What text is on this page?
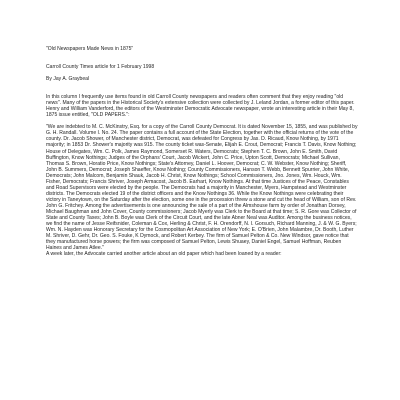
"Old Newspapers Made News in 1875"

Carroll County Times article for 1 February 1998

By Jay A. Graybeal

In this column I frequently use items found in old Carroll County newspapers and readers often comment that they enjoy reading "old news". Many of the papers in the Historical Society's extensive collection were collected by J. Leland Jordan, a former editor of this paper. Henry and William Vanderford, the editors of the Westminster Democratic Advocate newspaper, wrote an interesting article in their May 8, 1875 issue entitled, "OLD PAPERS.":

"We are indebted to M. C. McKinstry, Esq. for a copy of the Carroll County Democrat. It is dated November 15, 1855, and was published by G. H. Randall. Volume I. No. 24. The paper contains a full account of the State Election, together with the official returns of the vote of the county. Dr. Jacob Shower, of Manchester district, Democrat, was defeated for Congress by Jas. D. Ricaud, Know Nothing, by 1971 majority; in 1853 Dr. Shower's majority was 915. The county ticket was-Senate, Elijah E. Crout, Democrat; Francis T. Davis, Know Nothing; House of Delegates, Wm. C. Polk, James Raymond, Somerset R. Waters, Democrats; Stephen T. C. Brown, John E. Smith, David Buffington, Know Nothings; Judges of the Orphans' Court, Jacob Wickert, John C. Price, Upton Scott, Democrats; Michael Sullivan, Thomas S. Brown, Horatio Price, Know Nothings; State's Attorney, Daniel L. Hoover, Democrat; C. W. Webster, Know Nothing; Sheriff, John B. Summers, Democrat; Joseph Shaeffer, Know Nothing; County Commissioners, Hanson T. Webb, Bennett Spurrier, John White, Democrats; John Malcom, Benjamin Shauk, Jacob H. Christ, Know Nothings; School Commissioners, Jno. Jones, Wm. Houck, Wm. Fisher, Democrats; Francis Shriver, Joseph Armacost, Jacob B. Earhart, Know Nothings. At that time Justices of the Peace, Constables and Road Supervisors were elected by the people. The Democrats had a majority in Manchester, Myers, Hampstead and Westminster districts. The Democrats elected 19 of the district officers and the Know Nothings 36. While the Know Nothings were celebrating their victory in Taneytown, on the Saturday after the election, some one in the procession threw a stone and cut the head of William, son of Rev. John G. Fritchey. Among the advertisements is one announcing the sale of a part of the Almshouse farm by order of Jonathan Dorsey, Michael Baughman and John Cover, County commissioners; Jacob Myerly was Clerk to the Board at that time; S. R. Gore was Collector of State and County Taxes; John B. Boyle was Clerk of the Circuit Court, and the late Abner Neal was Auditor. Among the business notices, we find the name of Jesse Reifsnider, Coleman & Cox, Herling & Christ, F. H. Orendorff, N. I. Gorsuch, Richard Manning, J. & W. G. Byers; Wm. N. Hayden was Honorary Secretary for the Cosmopolitan Art Association of New York; E. O'Brien, John Malambre, Dr. Booth, Luther M. Shriver, D. Gehr, Dr. Geo. S. Fouke, K Dymock, and Robert Kerbey. The firm of Samuel Pelton & Co. New Windsor, gave notice that they manufactured horse powers; the firm was composed of Samuel Pelton, Lewis Shuaey, Daniel Engel, Samuel Hoffman, Reuben Haines and James Atlee."

A week later, the Advocate carried another article about an old paper which had been loaned by a reader:
